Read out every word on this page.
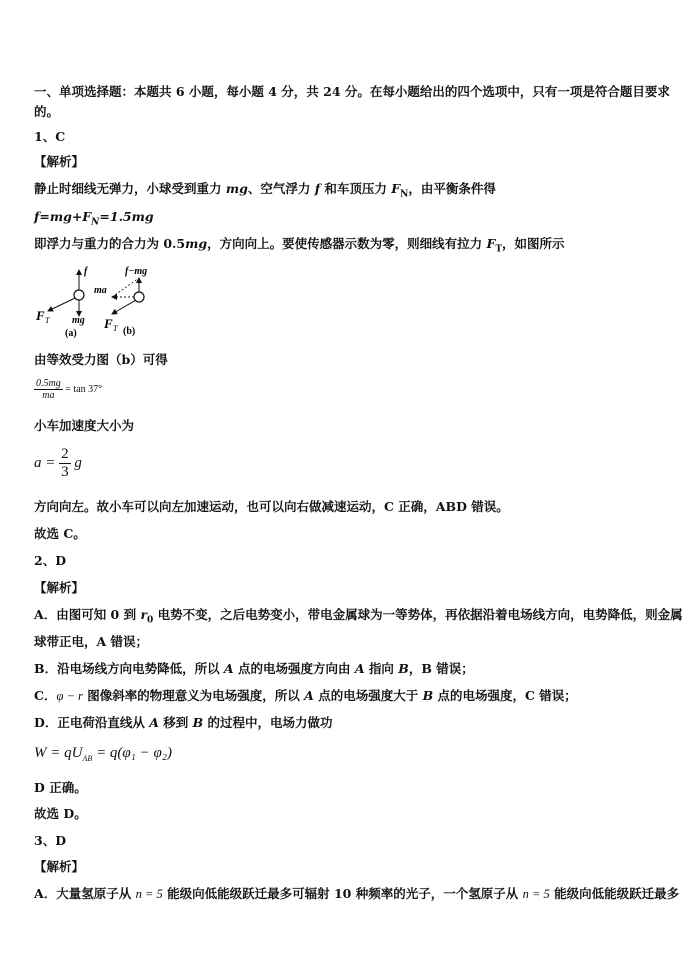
一、单项选择题：本题共 6 小题，每小题 4 分，共 24 分。在每小题给出的四个选项中，只有一项是符合题目要求
的。
1、C
【解析】
静止时细线无弹力，小球受到重力 mg、空气浮力 f 和车顶压力 $F_N$，由平衡条件得
$f=mg+F_N=1.5mg$
即浮力与重力的合力为 0.5mg，方向向上。要使传感器示数为零，则细线有拉力 $F_T$，如图所示
f
mg
F T
(a)
f−mg
ma
F T (b)
由等效受力图（b）可得
$\frac{0.5mg}{ma} = \tan 37^\circ$
小车加速度大小为
$a = \frac{2}{3}$ g
方向向左。故小车可以向左加速运动，也可以向右做减速运动，C 正确，ABD 错误。
故选 C。
2、D
【解析】
A．由图可知 0 到 $r_0$ 电势不变，之后电势变小，带电金属球为一等势体，再依据沿着电场线方向，电势降低，则金属
球带正电，A 错误；
B．沿电场线方向电势降低，所以 A 点的电场强度方向由 A 指向 B，B 错误；
C．φ − r 图像斜率的物理意义为电场强度，所以 A 点的电场强度大于 B 点的电场强度，C 错误；
D．正电荷沿直线从 A 移到 B 的过程中，电场力做功
$W = qU_{AB} = q(\varphi_1 - \varphi_2)$
D 正确。
故选 D。
3、D
【解析】
A．大量氢原子从 n = 5 能级向低能级跃迁最多可辐射 10 种频率的光子，一个氢原子从 n = 5 能级向低能级跃迁最多
